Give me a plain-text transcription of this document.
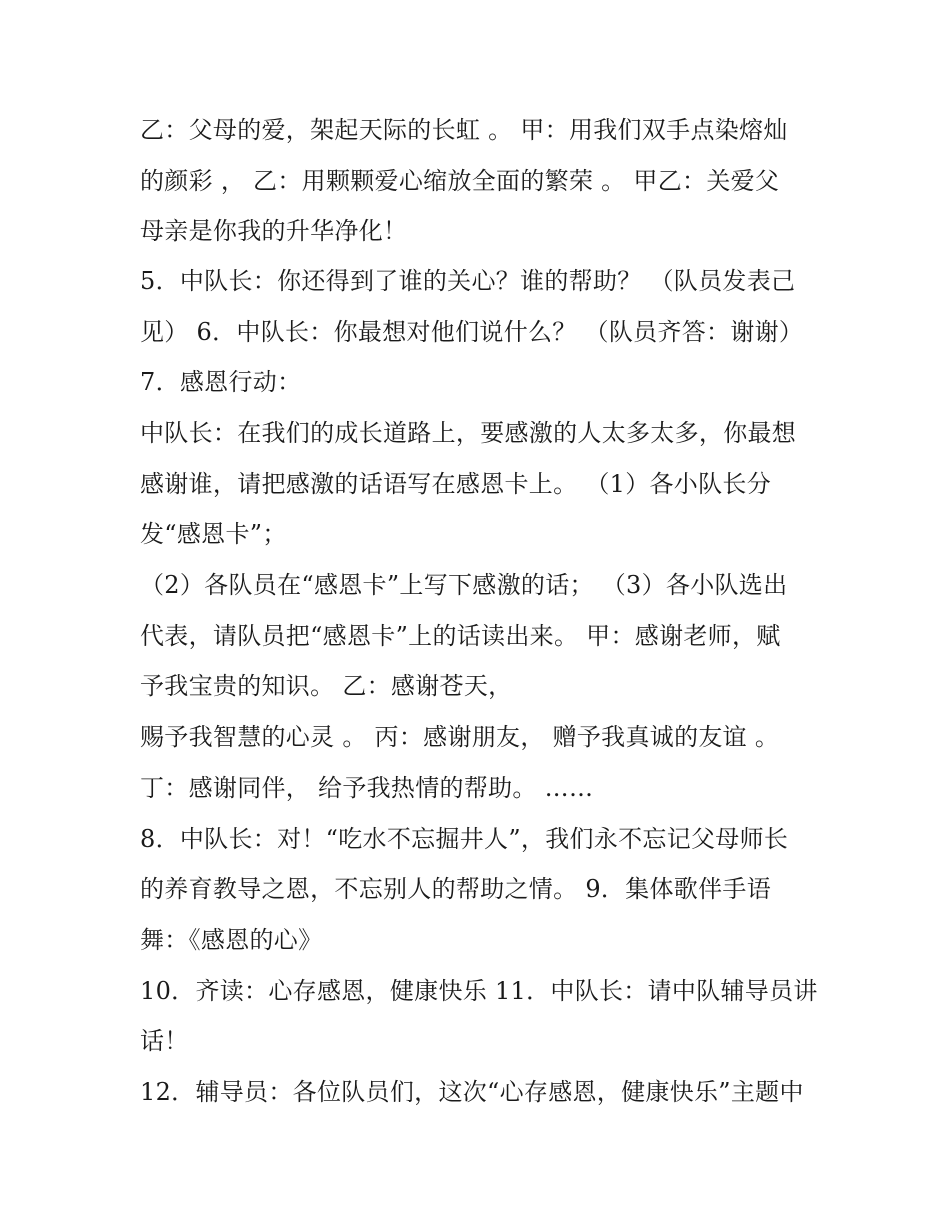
乙：父母的爱，架起天际的长虹 。 甲：用我们双手点染熔灿
的颜彩 ， 乙：用颗颗爱心缩放全面的繁荣 。 甲乙：关爱父
母亲是你我的升华净化！
5．中队长：你还得到了谁的关心？谁的帮助？ （队员发表己
见） 6．中队长：你最想对他们说什么？ （队员齐答：谢谢）
7．感恩行动：
中队长：在我们的成长道路上，要感激的人太多太多，你最想
感谢谁，请把感激的话语写在感恩卡上。 （1）各小队长分
发“感恩卡”；
（2）各队员在“感恩卡”上写下感激的话； （3）各小队选出
代表，请队员把“感恩卡”上的话读出来。 甲：感谢老师，赋
予我宝贵的知识。 乙：感谢苍天，
赐予我智慧的心灵 。 丙：感谢朋友， 赠予我真诚的友谊 。
丁：感谢同伴， 给予我热情的帮助。 ……
8．中队长：对！“吃水不忘掘井人”，我们永不忘记父母师长
的养育教导之恩，不忘别人的帮助之情。 9．集体歌伴手语
舞：《感恩的心》
10．齐读：心存感恩，健康快乐 11．中队长：请中队辅导员讲
话！
12．辅导员：各位队员们，这次“心存感恩，健康快乐”主题中
